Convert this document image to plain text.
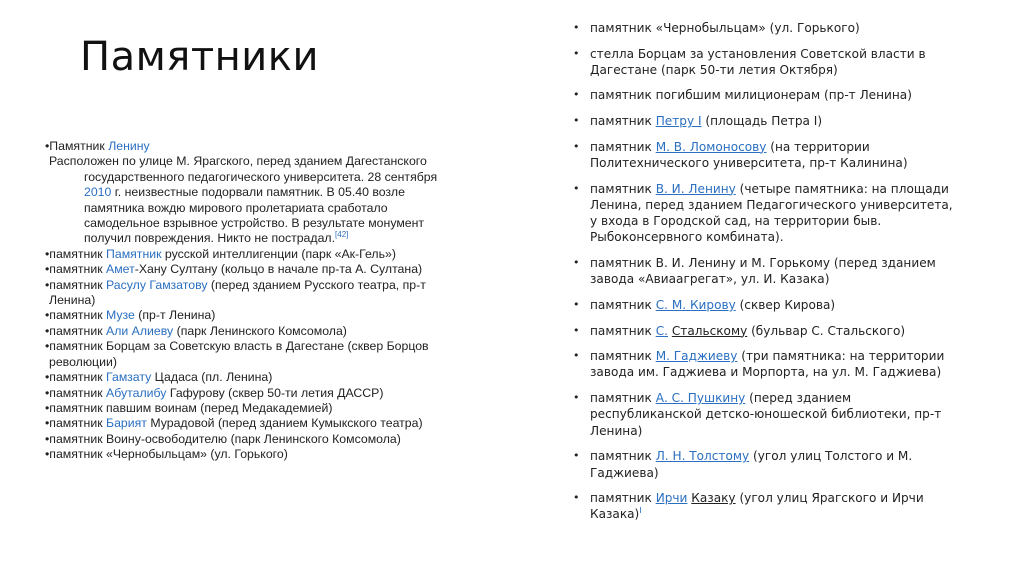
Памятники
•Памятник Ленину
Расположен по улице М. Ярагского, перед зданием Дагестанского
государственного педагогического университета. 28 сентября
2010 г. неизвестные подорвали памятник. В 05.40 возле
памятника вождю мирового пролетариата сработало
самодельное взрывное устройство. В результате монумент
получил повреждения. Никто не пострадал.[42]
•памятник Памятник русской интеллигенции (парк «Ак-Гель»)
•памятник Амет-Хану Султану (кольцо в начале пр-та А. Султана)
•памятник Расулу Гамзатову (перед зданием Русского театра, пр-т
Ленина)
•памятник Музе (пр-т Ленина)
•памятник Али Алиеву (парк Ленинского Комсомола)
•памятник Борцам за Советскую власть в Дагестане (сквер Борцов
революции)
•памятник Гамзату Цадаса (пл. Ленина)
•памятник Абуталибу Гафурову (сквер 50-ти летия ДАССР)
•памятник павшим воинам (перед Медакадемией)
•памятник Барият Мурадовой (перед зданием Кумыкского театра)
•памятник Воину-освободителю (парк Ленинского Комсомола)
•памятник «Чернобыльцам» (ул. Горького)
• памятник «Чернобыльцам» (ул. Горького)
• стелла Борцам за установления Советской власти в
Дагестане (парк 50-ти летия Октября)
• памятник погибшим милиционерам (пр-т Ленина)
• памятник Петру I (площадь Петра I)
• памятник М. В. Ломоносову (на территории
Политехнического университета, пр-т Калинина)
• памятник В. И. Ленину (четыре памятника: на площади
Ленина, перед зданием Педагогического университета,
у входа в Городской сад, на территории быв.
Рыбоконсервного комбината).
• памятник В. И. Ленину и М. Горькому (перед зданием
завода «Авиаагрегат», ул. И. Казака)
• памятник С. М. Кирову (сквер Кирова)
• памятник С. Стальскому (бульвар С. Стальского)
• памятник М. Гаджиеву (три памятника: на территории
завода им. Гаджиева и Морпорта, на ул. М. Гаджиева)
• памятник А. С. Пушкину (перед зданием
республиканской детско-юношеской библиотеки, пр-т
Ленина)
• памятник Л. Н. Толстому (угол улиц Толстого и М.
Гаджиева)
• памятник Ирчи Казаку (угол улиц Ярагского и Ирчи
Казака)$^I$
